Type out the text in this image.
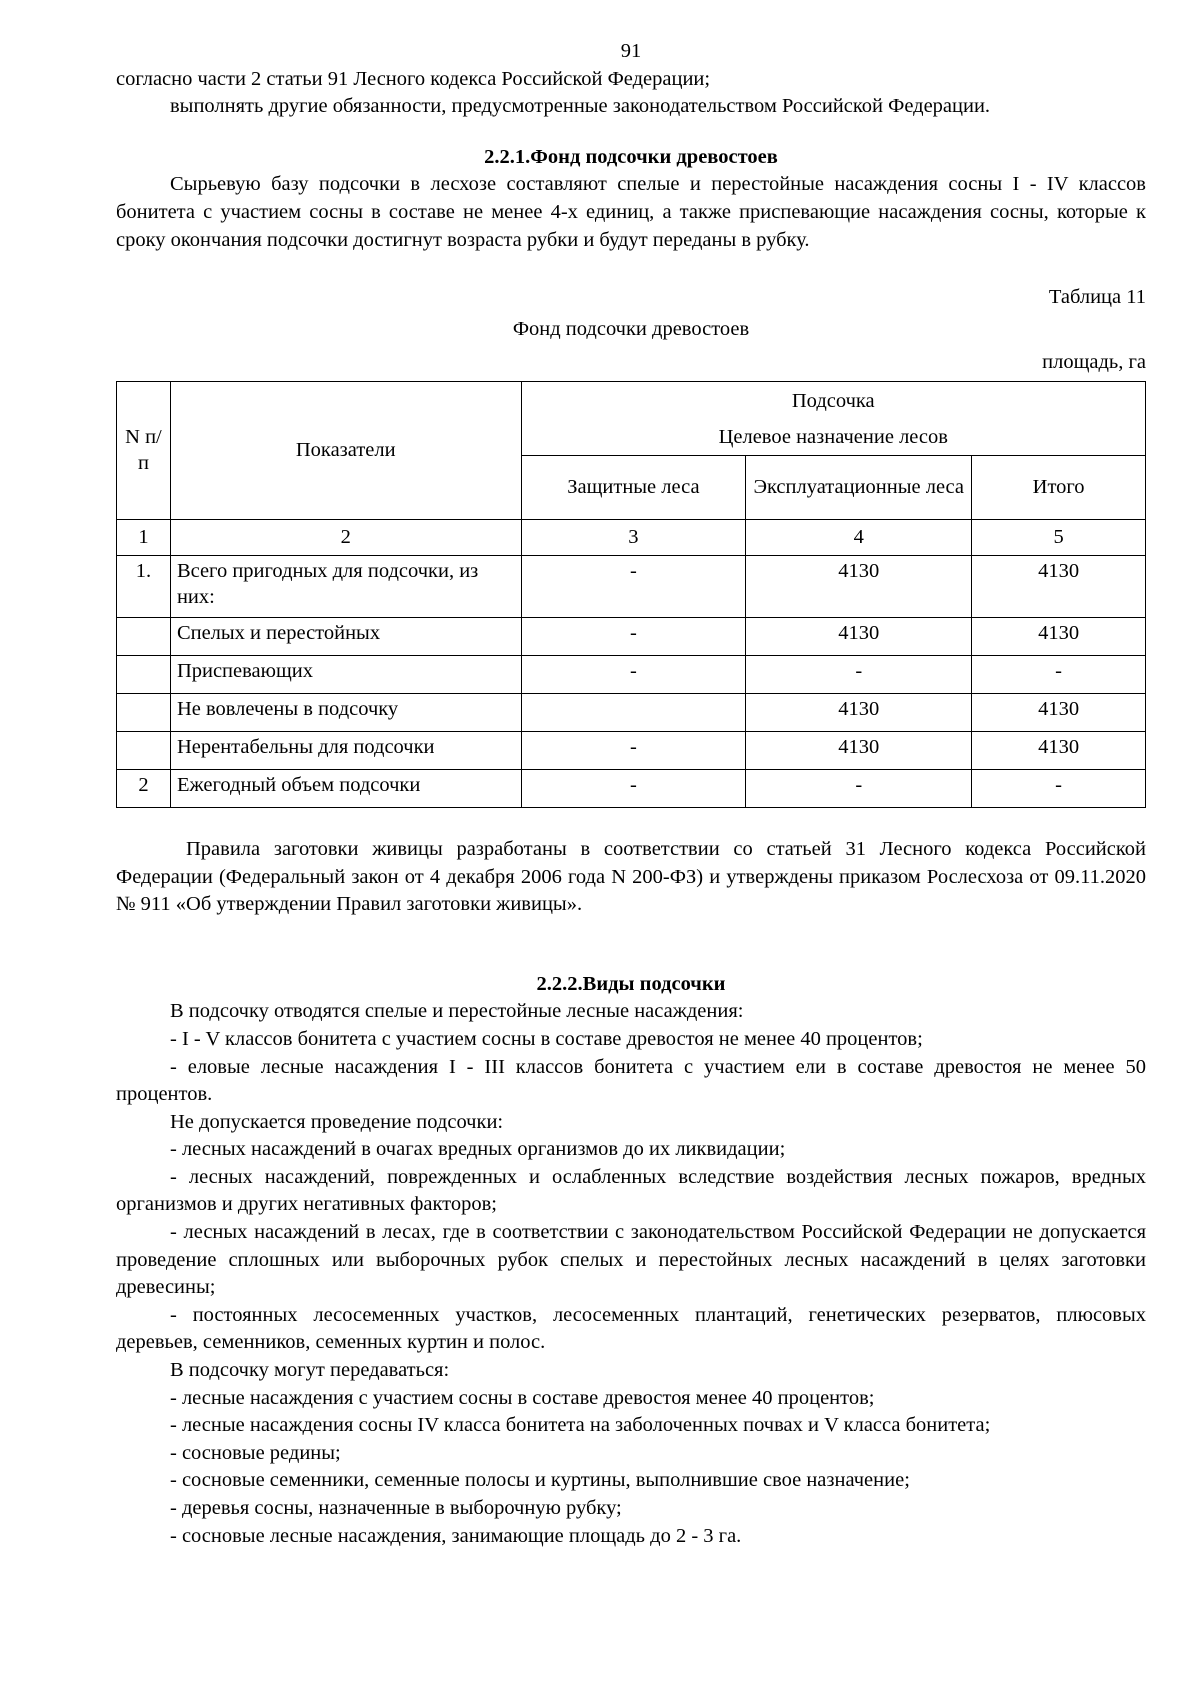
91

согласно части 2 статьи 91 Лесного кодекса Российской Федерации;

выполнять другие обязанности, предусмотренные законодательством Российской Федерации.

2.2.1.Фонд подсочки древостоев

Сырьевую базу подсочки в лесхозе составляют спелые и перестойные насаждения сосны I - IV классов бонитета с участием сосны в составе не менее 4-х единиц, а также приспевающие насаждения сосны, которые к сроку окончания подсочки достигнут возраста рубки и будут переданы в рубку.

Таблица 11

Фонд подсочки древостоев

площадь, га

N п/п	Показатели	Подсочка
Целевое назначение лесов		

		Защитные леса	Эксплуатационные леса	Итого
1	2	3	4	5
1.	Всего пригодных для подсочки, из них:	-	4130	4130
	Спелых и перестойных	-	4130	4130
	Приспевающих	-	-	-
	Не вовлечены в подсочку		4130	4130
	Нерентабельны для подсочки	-	4130	4130
2	Ежегодный объем подсочки	-	-	-

Правила заготовки живицы разработаны в соответствии со статьей 31 Лесного кодекса Российской Федерации (Федеральный закон от 4 декабря 2006 года N 200-ФЗ) и утверждены приказом Рослесхоза от 09.11.2020 № 911 «Об утверждении Правил заготовки живицы».

2.2.2.Виды подсочки

В подсочку отводятся спелые и перестойные лесные насаждения:

- I - V классов бонитета с участием сосны в составе древостоя не менее 40 процентов;

- еловые лесные насаждения I - III классов бонитета с участием ели в составе древостоя не менее 50 процентов.

Не допускается проведение подсочки:

- лесных насаждений в очагах вредных организмов до их ликвидации;

- лесных насаждений, поврежденных и ослабленных вследствие воздействия лесных пожаров, вредных организмов и других негативных факторов;

- лесных насаждений в лесах, где в соответствии с законодательством Российской Федерации не допускается проведение сплошных или выборочных рубок спелых и перестойных лесных насаждений в целях заготовки древесины;

- постоянных лесосеменных участков, лесосеменных плантаций, генетических резерватов, плюсовых деревьев, семенников, семенных куртин и полос.

В подсочку могут передаваться:

- лесные насаждения с участием сосны в составе древостоя менее 40 процентов;

- лесные насаждения сосны IV класса бонитета на заболоченных почвах и V класса бонитета;

- сосновые редины;

- сосновые семенники, семенные полосы и куртины, выполнившие свое назначение;

- деревья сосны, назначенные в выборочную рубку;

- сосновые лесные насаждения, занимающие площадь до 2 - 3 га.
